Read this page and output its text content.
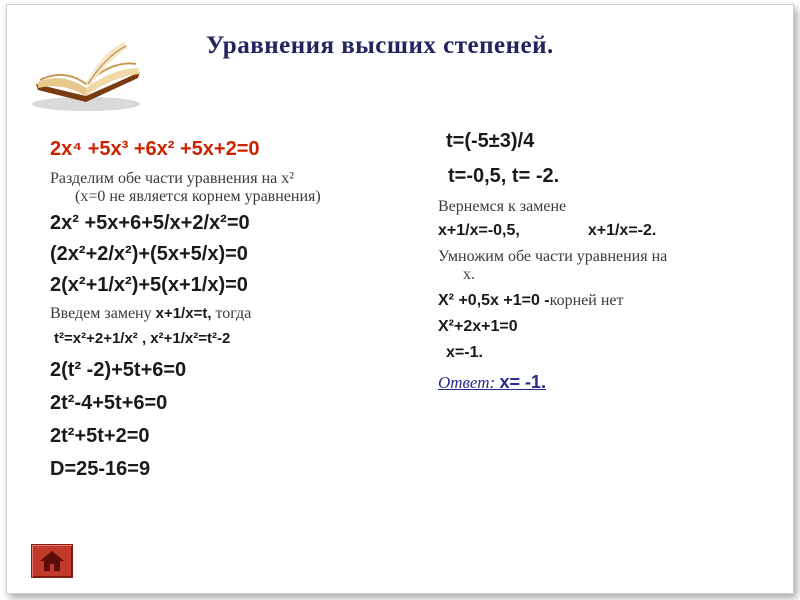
Уравнения высших степеней.
2x⁴ +5x³ +6x² +5x+2=0
Разделим обе части уравнения на x²
(x=0 не является корнем уравнения)
2x² +5x+6+5/x+2/x²=0
(2x²+2/x²)+(5x+5/x)=0
2(x²+1/x²)+5(x+1/x)=0
Введем замену x+1/x=t, тогда
t²=x²+2+1/x² , x²+1/x²=t²-2
2(t² -2)+5t+6=0
2t²-4+5t+6=0
2t²+5t+2=0
D=25-16=9
t=(-5±3)/4
t=-0,5, t= -2.
Вернемся к замене
x+1/x=-0,5,	x+1/x=-2.
Умножим обе части уравнения на
x.
X² +0,5x +1=0 -корней нет
X²+2x+1=0
x=-1.
Ответ: x= -1.
